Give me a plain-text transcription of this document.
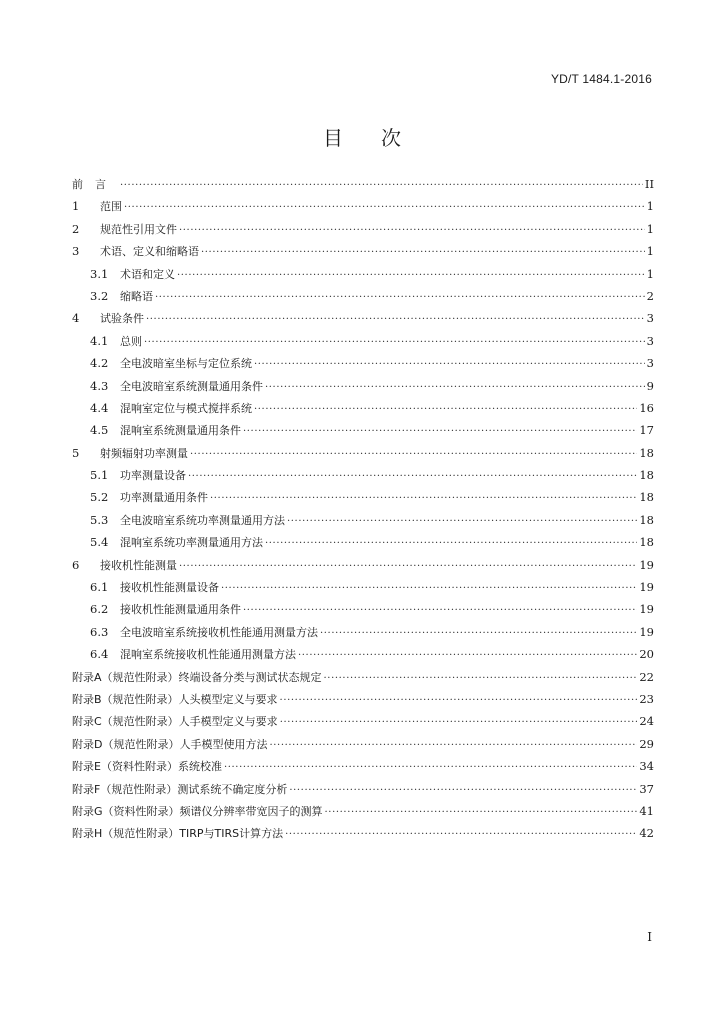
YD/T 1484.1-2016
目次
前言 ·····	II
1	范围 ·····	1
2	规范性引用文件 ·····	1
3	术语、定义和缩略语 ·····	1
3.1	术语和定义 ·····	1
3.2	缩略语 ·····	2
4	试验条件 ·····	3
4.1	总则 ·····	3
4.2	全电波暗室坐标与定位系统 ·····	3
4.3	全电波暗室系统测量通用条件 ·····	9
4.4	混响室定位与模式搅拌系统 ·····	16
4.5	混响室系统测量通用条件 ·····	17
5	射频辐射功率测量 ·····	18
5.1	功率测量设备 ·····	18
5.2	功率测量通用条件 ·····	18
5.3	全电波暗室系统功率测量通用方法 ·····	18
5.4	混响室系统功率测量通用方法 ·····	18
6	接收机性能测量 ·····	19
6.1	接收机性能测量设备 ·····	19
6.2	接收机性能测量通用条件 ·····	19
6.3	全电波暗室系统接收机性能通用测量方法 ·····	19
6.4	混响室系统接收机性能通用测量方法 ·····	20
附录A（规范性附录）终端设备分类与测试状态规定 ·····	22
附录B（规范性附录）人头模型定义与要求 ·····	23
附录C（规范性附录）人手模型定义与要求 ·····	24
附录D（规范性附录）人手模型使用方法 ·····	29
附录E（资料性附录）系统校准 ·····	34
附录F（规范性附录）测试系统不确定度分析 ·····	37
附录G（资料性附录）频谱仪分辨率带宽因子的测算 ·····	41
附录H（规范性附录）TIRP与TIRS计算方法 ·····	42
I
